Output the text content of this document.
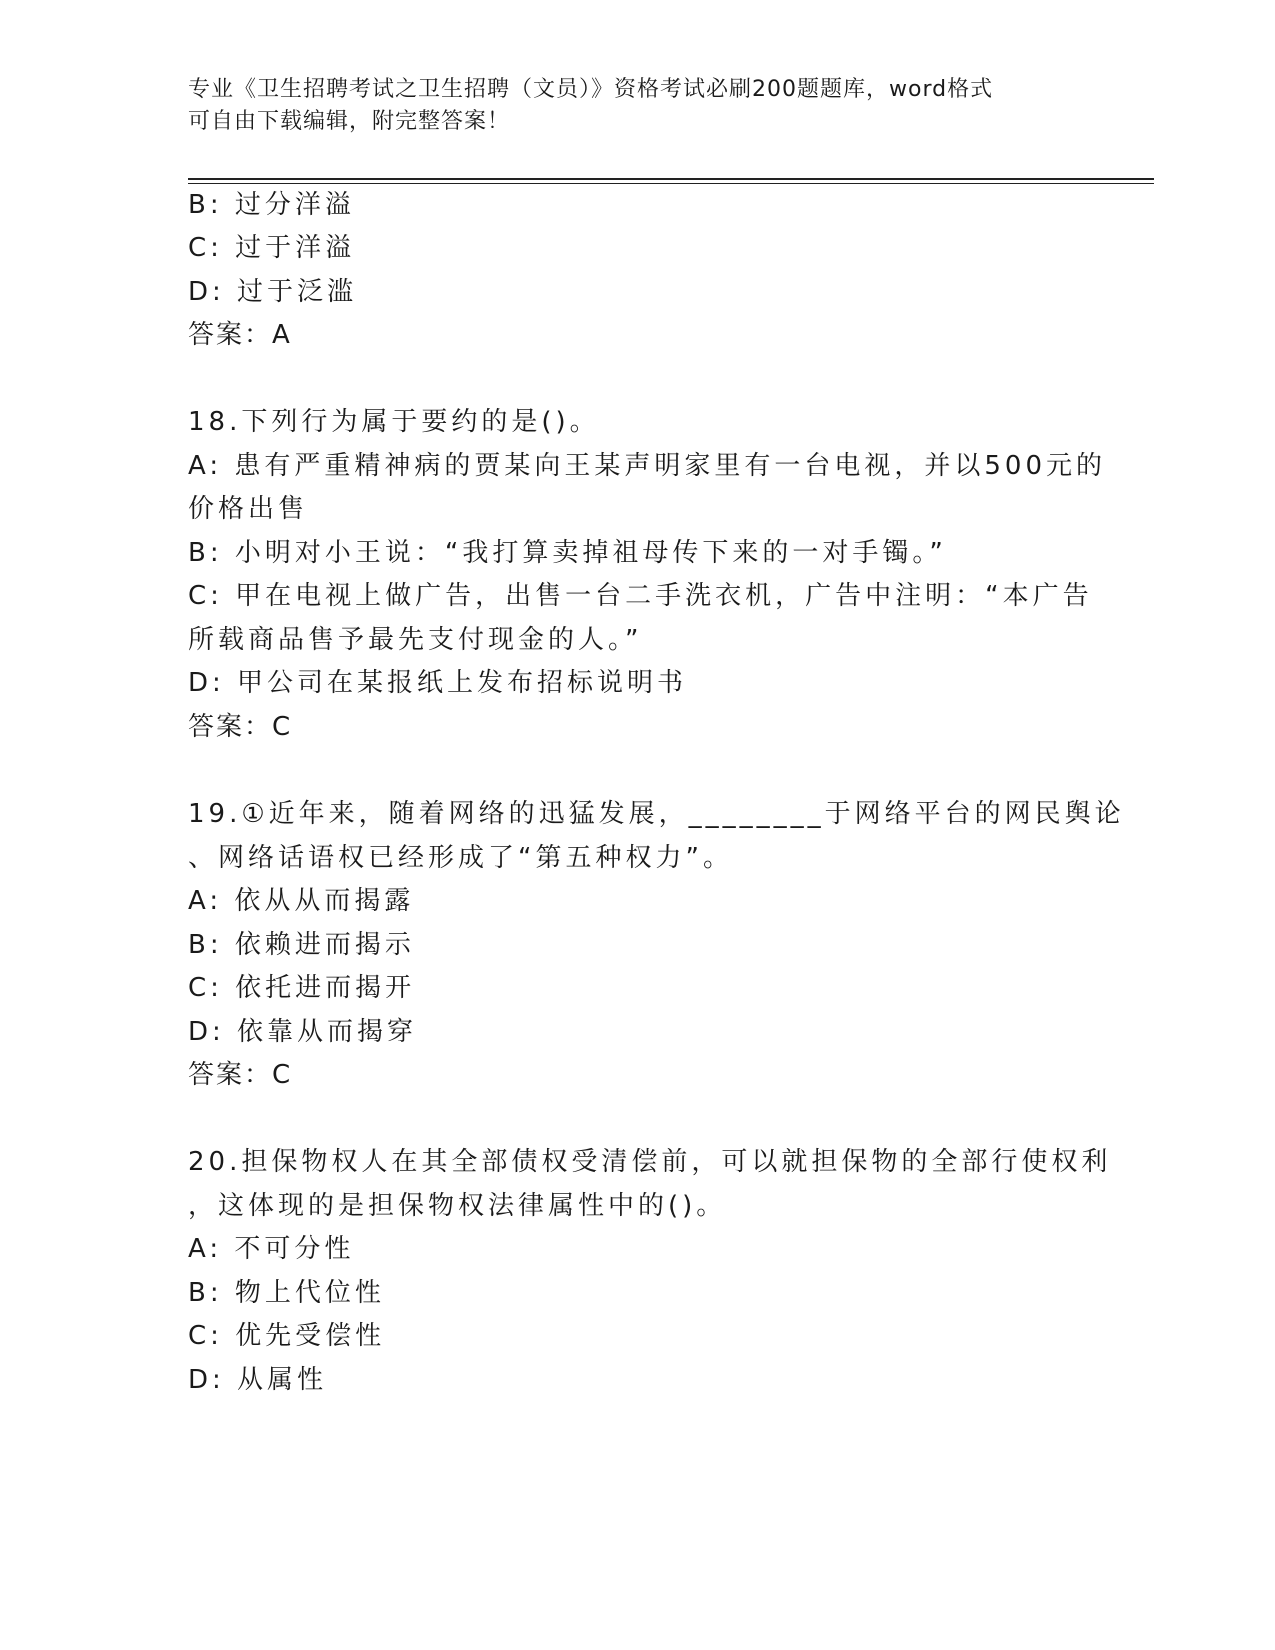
专业《卫生招聘考试之卫生招聘（文员）》资格考试必刷200题题库，word格式
可自由下载编辑，附完整答案！
B: 过分洋溢
C: 过于洋溢
D: 过于泛滥
答案：A
18.下列行为属于要约的是()。
A: 患有严重精神病的贾某向王某声明家里有一台电视，并以500元的
价格出售
B: 小明对小王说：“我打算卖掉祖母传下来的一对手镯。”
C: 甲在电视上做广告，出售一台二手洗衣机，广告中注明：“本广告
所载商品售予最先支付现金的人。”
D: 甲公司在某报纸上发布招标说明书
答案：C
19.①近年来，随着网络的迅猛发展，________于网络平台的网民舆论
、网络话语权已经形成了“第五种权力”。
A: 依从从而揭露
B: 依赖进而揭示
C: 依托进而揭开
D: 依靠从而揭穿
答案：C
20.担保物权人在其全部债权受清偿前，可以就担保物的全部行使权利
，这体现的是担保物权法律属性中的()。
A: 不可分性
B: 物上代位性
C: 优先受偿性
D: 从属性
